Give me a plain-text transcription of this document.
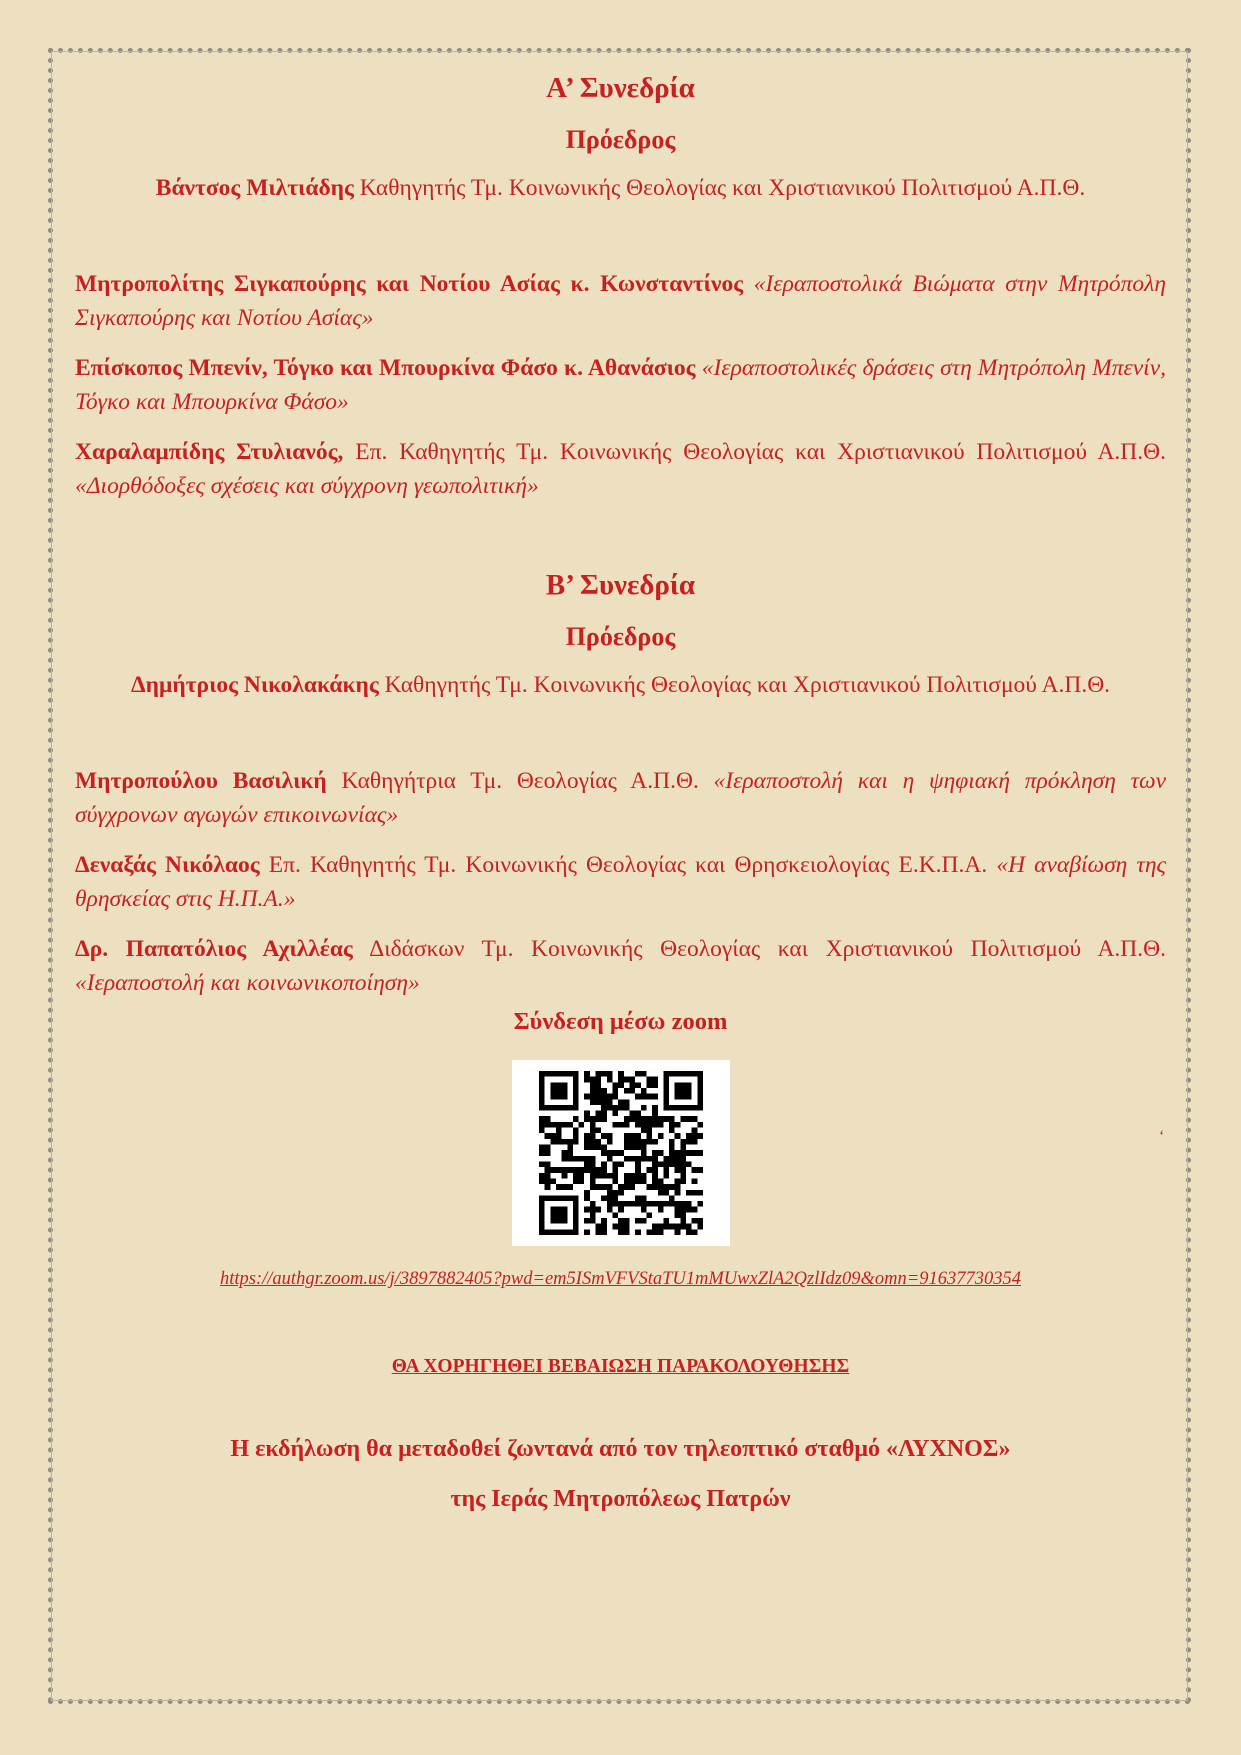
Α’ Συνεδρία
Πρόεδρος

Βάντσος Μιλτιάδης Καθηγητής Τμ. Κοινωνικής Θεολογίας και Χριστιανικού Πολιτισμού Α.Π.Θ.

Μητροπολίτης Σιγκαπούρης και Νοτίου Ασίας κ. Κωνσταντίνος «Ιεραποστολικά Βιώματα στην Μητρόπολη Σιγκαπούρης και Νοτίου Ασίας»

Επίσκοπος Μπενίν, Τόγκο και Μπουρκίνα Φάσο κ. Αθανάσιος «Ιεραποστολικές δράσεις στη Μητρόπολη Μπενίν, Τόγκο και Μπουρκίνα Φάσο»

Χαραλαμπίδης Στυλιανός, Επ. Καθηγητής Τμ. Κοινωνικής Θεολογίας και Χριστιανικού Πολιτισμού Α.Π.Θ. «Διορθόδοξες σχέσεις και σύγχρονη γεωπολιτική»

Β’ Συνεδρία
Πρόεδρος

Δημήτριος Νικολακάκης Καθηγητής Τμ. Κοινωνικής Θεολογίας και Χριστιανικού Πολιτισμού Α.Π.Θ.

Μητροπούλου Βασιλική Καθηγήτρια Τμ. Θεολογίας Α.Π.Θ. «Ιεραποστολή και η ψηφιακή πρόκληση των σύγχρονων αγωγών επικοινωνίας»

Δεναξάς Νικόλαος Επ. Καθηγητής Τμ. Κοινωνικής Θεολογίας και Θρησκειολογίας Ε.Κ.Π.Α. «Η αναβίωση της θρησκείας στις Η.Π.Α.»

Δρ. Παπατόλιος Αχιλλέας Διδάσκων Τμ. Κοινωνικής Θεολογίας και Χριστιανικού Πολιτισμού Α.Π.Θ. «Ιεραποστολή και κοινωνικοποίηση»

Σύνδεση μέσω zoom

https://authgr.zoom.us/j/3897882405?pwd=em5ISmVFVStaTU1mMUwxZlA2QzlIdz09&omn=91637730354

ΘΑ ΧΟΡΗΓΗΘΕΙ ΒΕΒΑΙΩΣΗ ΠΑΡΑΚΟΛΟΥΘΗΣΗΣ

Η εκδήλωση θα μεταδοθεί ζωντανά από τον τηλεοπτικό σταθμό «ΛΥΧΝΟΣ»

της Ιεράς Μητροπόλεως Πατρών

‘
